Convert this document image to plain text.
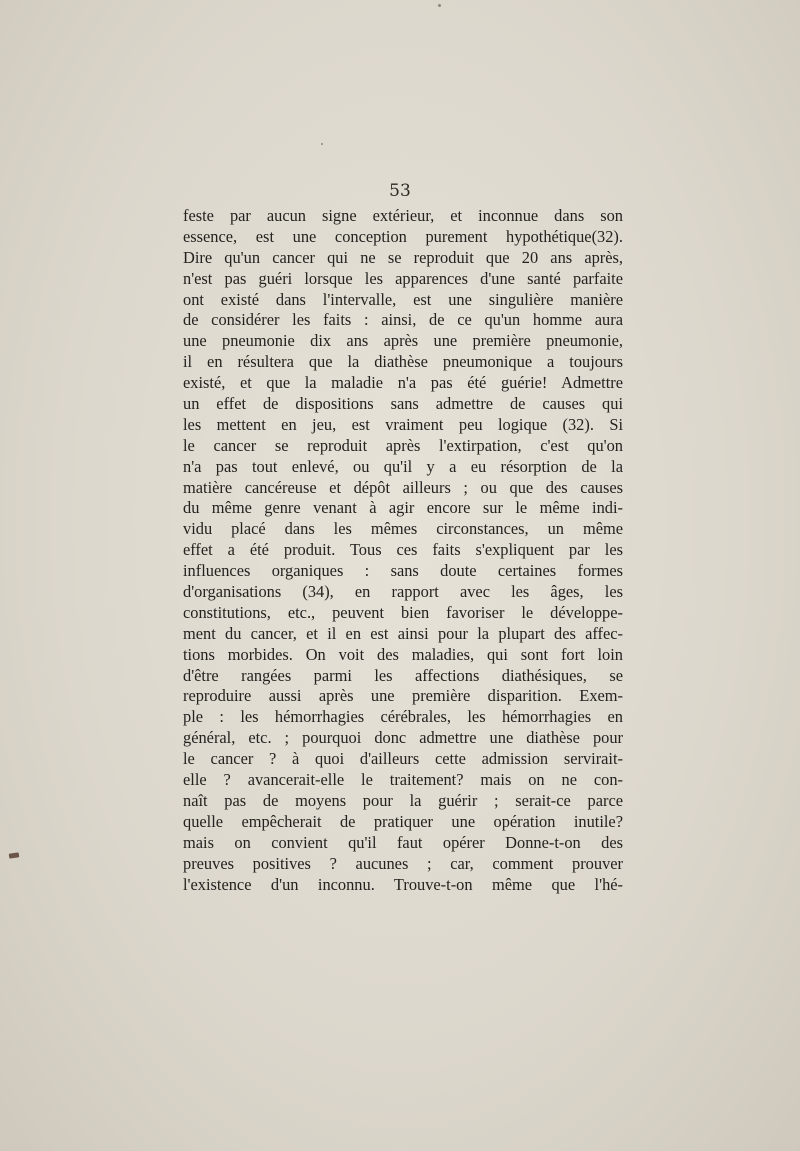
53

feste par aucun signe extérieur, et inconnue dans son
essence, est une conception purement hypothétique(32).
Dire qu'un cancer qui ne se reproduit que 20 ans après,
n'est pas guéri lorsque les apparences d'une santé parfaite
ont existé dans l'intervalle, est une singulière manière
de considérer les faits : ainsi, de ce qu'un homme aura
une pneumonie dix ans après une première pneumonie,
il en résultera que la diathèse pneumonique a toujours
existé, et que la maladie n'a pas été guérie! Admettre
un effet de dispositions sans admettre de causes qui
les mettent en jeu, est vraiment peu logique (32). Si
le cancer se reproduit après l'extirpation, c'est qu'on
n'a pas tout enlevé, ou qu'il y a eu résorption de la
matière cancéreuse et dépôt ailleurs ; ou que des causes
du même genre venant à agir encore sur le même indi-
vidu placé dans les mêmes circonstances, un même
effet a été produit. Tous ces faits s'expliquent par les
influences organiques : sans doute certaines formes
d'organisations (34), en rapport avec les âges, les
constitutions, etc., peuvent bien favoriser le développe-
ment du cancer, et il en est ainsi pour la plupart des affec-
tions morbides. On voit des maladies, qui sont fort loin
d'être rangées parmi les affections diathésiques, se
reproduire aussi après une première disparition. Exem-
ple : les hémorrhagies cérébrales, les hémorrhagies en
général, etc. ; pourquoi donc admettre une diathèse pour
le cancer ? à quoi d'ailleurs cette admission servirait-
elle ? avancerait-elle le traitement? mais on ne con-
naît pas de moyens pour la guérir ; serait-ce parce
quelle empêcherait de pratiquer une opération inutile?
mais on convient qu'il faut opérer Donne-t-on des
preuves positives ? aucunes ; car, comment prouver
l'existence d'un inconnu. Trouve-t-on même que l'hé-
